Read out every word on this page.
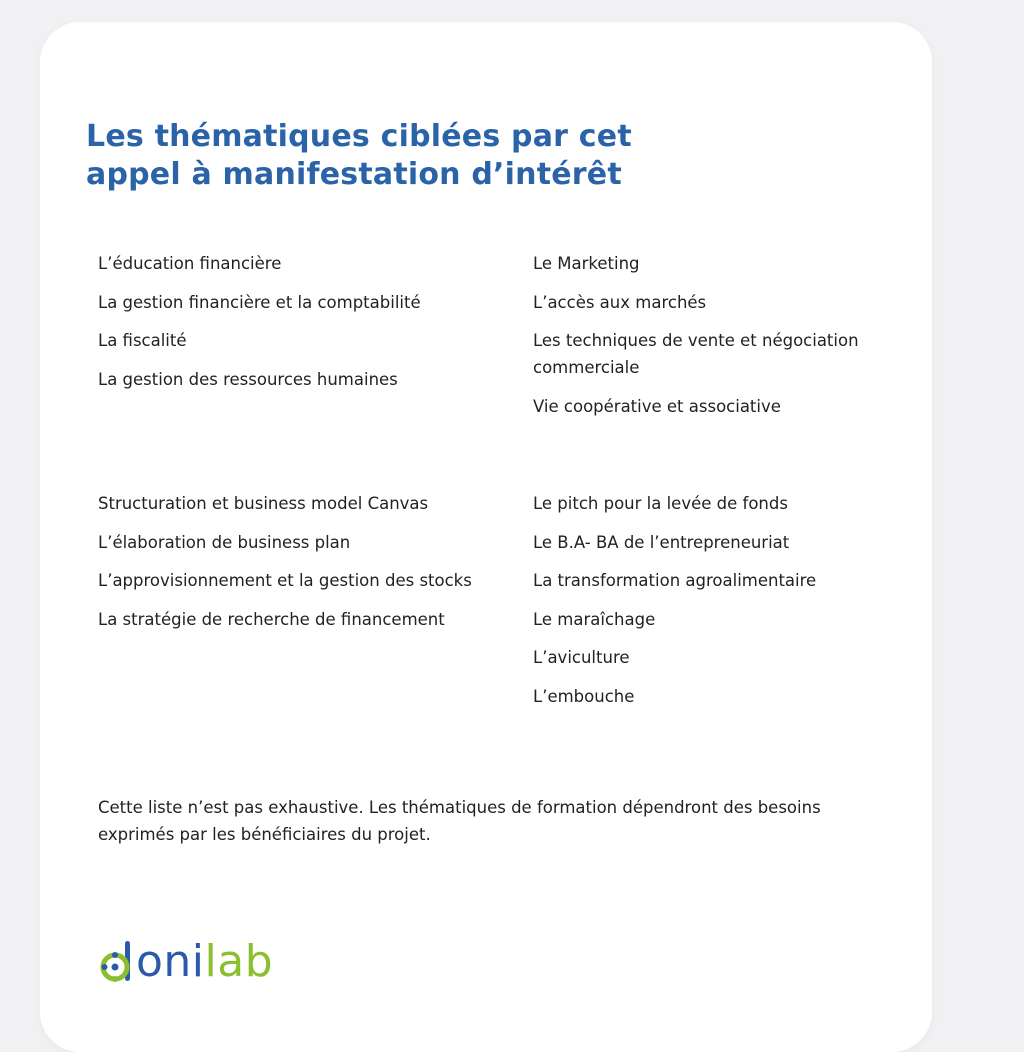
Les thématiques ciblées par cet
appel à manifestation d’intérêt
L’éducation financière
La gestion financière et la comptabilité
La fiscalité
La gestion des ressources humaines
Le Marketing
L’accès aux marchés
Les techniques de vente et négociation commerciale
Vie coopérative et associative
Structuration et business model Canvas
L’élaboration de business plan
L’approvisionnement et la gestion des stocks
La stratégie de recherche de financement
Le pitch pour la levée de fonds
Le B.A- BA de l’entrepreneuriat
La transformation agroalimentaire
Le maraîchage
L’aviculture
L’embouche

Cette liste n’est pas exhaustive. Les thématiques de formation dépendront des besoins exprimés par les bénéficiaires du projet.

onilab
